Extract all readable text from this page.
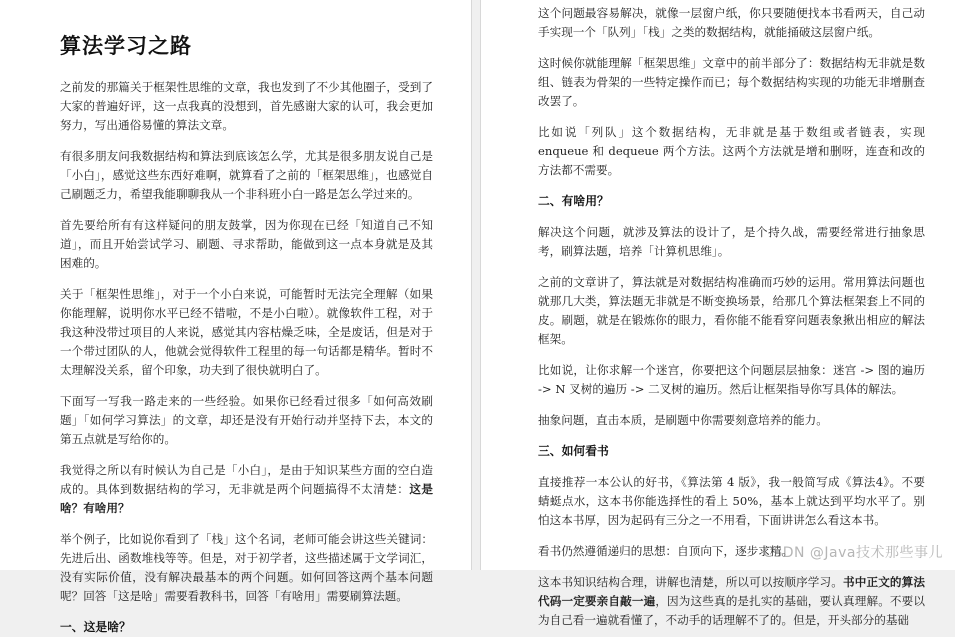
算法学习之路

之前发的那篇关于框架性思维的文章，我也发到了不少其他圈子，受到了大家的普遍好评，这一点我真的没想到，首先感谢大家的认可，我会更加努力，写出通俗易懂的算法文章。

有很多朋友问我数据结构和算法到底该怎么学，尤其是很多朋友说自己是「小白」，感觉这些东西好难啊，就算看了之前的「框架思维」，也感觉自己刷题乏力，希望我能聊聊我从一个非科班小白一路是怎么学过来的。

首先要给所有有这样疑问的朋友鼓掌，因为你现在已经「知道自己不知道」，而且开始尝试学习、刷题、寻求帮助，能做到这一点本身就是及其困难的。

关于「框架性思维」，对于一个小白来说，可能暂时无法完全理解（如果你能理解，说明你水平已经不错啦，不是小白啦）。就像软件工程，对于我这种没带过项目的人来说，感觉其内容枯燥乏味，全是废话，但是对于一个带过团队的人，他就会觉得软件工程里的每一句话都是精华。暂时不太理解没关系，留个印象，功夫到了很快就明白了。

下面写一写我一路走来的一些经验。如果你已经看过很多「如何高效刷题」「如何学习算法」的文章，却还是没有开始行动并坚持下去，本文的第五点就是写给你的。

我觉得之所以有时候认为自己是「小白」，是由于知识某些方面的空白造成的。具体到数据结构的学习，无非就是两个问题搞得不太清楚：这是啥？有啥用？

举个例子，比如说你看到了「栈」这个名词，老师可能会讲这些关键词：先进后出、函数堆栈等等。但是，对于初学者，这些描述属于文学词汇，没有实际价值，没有解决最基本的两个问题。如何回答这两个基本问题呢？回答「这是啥」需要看教科书，回答「有啥用」需要刷算法题。

一、这是啥？

这个问题最容易解决，就像一层窗户纸，你只要随便找本书看两天，自己动手实现一个「队列」「栈」之类的数据结构，就能捅破这层窗户纸。

这时候你就能理解「框架思维」文章中的前半部分了：数据结构无非就是数组、链表为骨架的一些特定操作而已；每个数据结构实现的功能无非增删查改罢了。

比如说「列队」这个数据结构，无非就是基于数组或者链表，实现 enqueue 和 dequeue 两个方法。这两个方法就是增和删呀，连查和改的方法都不需要。

二、有啥用？

解决这个问题，就涉及算法的设计了，是个持久战，需要经常进行抽象思考，刷算法题，培养「计算机思维」。

之前的文章讲了，算法就是对数据结构准确而巧妙的运用。常用算法问题也就那几大类，算法题无非就是不断变换场景，给那几个算法框架套上不同的皮。刷题，就是在锻炼你的眼力，看你能不能看穿问题表象揪出相应的解法框架。

比如说，让你求解一个迷宫，你要把这个问题层层抽象：迷宫 -> 图的遍历 -> N 叉树的遍历 -> 二叉树的遍历。然后让框架指导你写具体的解法。

抽象问题，直击本质，是刷题中你需要刻意培养的能力。

三、如何看书

直接推荐一本公认的好书，《算法第 4 版》，我一般简写成《算法4》。不要蜻蜓点水，这本书你能选择性的看上 50%，基本上就达到平均水平了。别怕这本书厚，因为起码有三分之一不用看，下面讲讲怎么看这本书。

看书仍然遵循递归的思想：自顶向下，逐步求精。

这本书知识结构合理，讲解也清楚，所以可以按顺序学习。书中正文的算法代码一定要亲自敲一遍，因为这些真的是扎实的基础，要认真理解。不要以为自己看一遍就看懂了，不动手的话理解不了的。但是，开头部分的基础

CSDN @Java技术那些事儿
